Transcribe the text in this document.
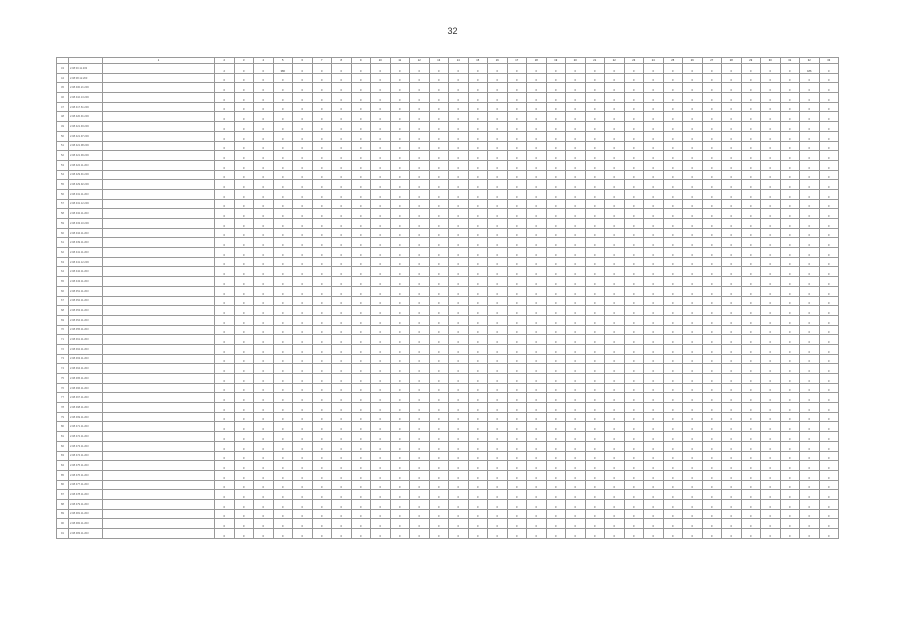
32
		1	2	3	4	5	6	7	8	9	10	11	12	13	14	15	16	17	18	19	20	21	22	23	24	25	26	27	28	29	30	31	32	33
43	2.08 00.11.203		2	0	0	386	0	0	0	0	0	0	0	0	0	0	0	0	0	0	0	0	0	0	0	0	0	0	0	0	0	0	186	0
44	2.08 08.12.203		0	0	0	0	0	0	0	0	0	0	0	0	0	0	0	0	0	0	0	0	0	0	0	0	0	0	0	0	0	0	0	0
45	2.08 400.21.203		0	0	0	0	0	0	0	0	0	0	0	0	0	0	0	0	0	0	0	0	0	0	0	0	0	0	0	0	0	0	0	0
46	2.08 410.13.203		0	0	0	0	0	0	0	0	0	0	0	0	0	0	0	0	0	0	0	0	0	0	0	0	0	0	0	0	0	0	0	0
47	2.08 417.61.203		0	0	0	0	0	0	0	0	0	0	0	0	0	0	0	0	0	0	0	0	0	0	0	0	0	0	0	0	0	0	0	0
48	2.08 420.91.203		0	0	0	0	0	0	0	0	0	0	0	0	0	0	0	0	0	0	0	0	0	0	0	0	0	0	0	0	0	0	0	0
49	2.08 421.93.203		0	0	0	0	0	0	0	0	0	0	0	0	0	0	0	0	0	0	0	0	0	0	0	0	0	0	0	0	0	0	0	0
50	2.08 421.97.203		0	0	0	0	0	0	0	0	0	0	0	0	0	0	0	0	0	0	0	0	0	0	0	0	0	0	0	0	0	0	0	0
51	2.08 421.98.203		0	0	0	0	0	0	0	0	0	0	0	0	0	0	0	0	0	0	0	0	0	0	0	0	0	0	0	0	0	0	0	0
52	2.08 421.99.203		0	0	0	0	0	0	0	0	0	0	0	0	0	0	0	0	0	0	0	0	0	0	0	0	0	0	0	0	0	0	0	0
53	2.08 422.11.203		0	0	0	0	0	0	0	0	0	0	0	0	0	0	0	0	0	0	0	0	0	0	0	0	0	0	0	0	0	0	0	0
54	2.08 429.91.203		0	0	0	0	0	0	0	0	0	0	0	0	0	0	0	0	0	0	0	0	0	0	0	0	0	0	0	0	0	0	0	0
55	2.08 429.92.203		0	0	0	0	0	0	0	0	0	0	0	0	0	0	0	0	0	0	0	0	0	0	0	0	0	0	0	0	0	0	0	0
56	2.08 431.11.203		0	0	0	0	0	0	0	0	0	0	0	0	0	0	0	0	0	0	0	0	0	0	0	0	0	0	0	0	0	0	0	0
57	2.08 431.12.203		0	0	0	0	0	0	0	0	0	0	0	0	0	0	0	0	0	0	0	0	0	0	0	0	0	0	0	0	0	0	0	0
58	2.08 432.11.203		0	0	0	0	0	0	0	0	0	0	0	0	0	0	0	0	0	0	0	0	0	0	0	0	0	0	0	0	0	0	0	0
59	2.08 433.10.203		0	0	0	0	0	0	0	0	0	0	0	0	0	0	0	0	0	0	0	0	0	0	0	0	0	0	0	0	0	0	0	0
60	2.08 434.11.203		0	0	0	0	0	0	0	0	0	0	0	0	0	0	0	0	0	0	0	0	0	0	0	0	0	0	0	0	0	0	0	0
61	2.08 439.11.203		0	0	0	0	0	0	0	0	0	0	0	0	0	0	0	0	0	0	0	0	0	0	0	0	0	0	0	0	0	0	0	0
62	2.08 441.11.203		0	0	0	0	0	0	0	0	0	0	0	0	0	0	0	0	0	0	0	0	0	0	0	0	0	0	0	0	0	0	0	0
63	2.08 441.12.203		0	0	0	0	0	0	0	0	0	0	0	0	0	0	0	0	0	0	0	0	0	0	0	0	0	0	0	0	0	0	0	0
64	2.08 442.11.203		0	0	0	0	0	0	0	0	0	0	0	0	0	0	0	0	0	0	0	0	0	0	0	0	0	0	0	0	0	0	0	0
65	2.08 443.11.203		0	0	0	0	0	0	0	0	0	0	0	0	0	0	0	0	0	0	0	0	0	0	0	0	0	0	0	0	0	0	0	0
66	2.08 451.11.203		0	0	0	0	0	0	0	0	0	0	0	0	0	0	0	0	0	0	0	0	0	0	0	0	0	0	0	0	0	0	0	0
67	2.08 452.11.203		0	0	0	0	0	0	0	0	0	0	0	0	0	0	0	0	0	0	0	0	0	0	0	0	0	0	0	0	0	0	0	0
68	2.08 453.11.203		0	0	0	0	0	0	0	0	0	0	0	0	0	0	0	0	0	0	0	0	0	0	0	0	0	0	0	0	0	0	0	0
69	2.08 454.11.203		0	0	0	0	0	0	0	0	0	0	0	0	0	0	0	0	0	0	0	0	0	0	0	0	0	0	0	0	0	0	0	0
70	2.08 455.11.203		0	0	0	0	0	0	0	0	0	0	0	0	0	0	0	0	0	0	0	0	0	0	0	0	0	0	0	0	0	0	0	0
71	2.08 461.11.203		0	0	0	0	0	0	0	0	0	0	0	0	0	0	0	0	0	0	0	0	0	0	0	0	0	0	0	0	0	0	0	0
72	2.08 462.11.203		0	0	0	0	0	0	0	0	0	0	0	0	0	0	0	0	0	0	0	0	0	0	0	0	0	0	0	0	0	0	0	0
73	2.08 463.11.203		0	0	0	0	0	0	0	0	0	0	0	0	0	0	0	0	0	0	0	0	0	0	0	0	0	0	0	0	0	0	0	0
74	2.08 464.11.203		0	0	0	0	0	0	0	0	0	0	0	0	0	0	0	0	0	0	0	0	0	0	0	0	0	0	0	0	0	0	0	0
75	2.08 465.11.203		0	0	0	0	0	0	0	0	0	0	0	0	0	0	0	0	0	0	0	0	0	0	0	0	0	0	0	0	0	0	0	0
76	2.08 466.11.203		0	0	0	0	0	0	0	0	0	0	0	0	0	0	0	0	0	0	0	0	0	0	0	0	0	0	0	0	0	0	0	0
77	2.08 467.11.203		0	0	0	0	0	0	0	0	0	0	0	0	0	0	0	0	0	0	0	0	0	0	0	0	0	0	0	0	0	0	0	0
78	2.08 468.11.203		0	0	0	0	0	0	0	0	0	0	0	0	0	0	0	0	0	0	0	0	0	0	0	0	0	0	0	0	0	0	0	0
79	2.08 469.11.203		0	0	0	0	0	0	0	0	0	0	0	0	0	0	0	0	0	0	0	0	0	0	0	0	0	0	0	0	0	0	0	0
80	2.08 471.11.203		0	0	0	0	0	0	0	0	0	0	0	0	0	0	0	0	0	0	0	0	0	0	0	0	0	0	0	0	0	0	0	0
81	2.08 472.11.203		0	0	0	0	0	0	0	0	0	0	0	0	0	0	0	0	0	0	0	0	0	0	0	0	0	0	0	0	0	0	0	0
82	2.08 473.11.203		0	0	0	0	0	0	0	0	0	0	0	0	0	0	0	0	0	0	0	0	0	0	0	0	0	0	0	0	0	0	0	0
83	2.08 474.11.203		0	0	0	0	0	0	0	0	0	0	0	0	0	0	0	0	0	0	0	0	0	0	0	0	0	0	0	0	0	0	0	0
84	2.08 475.11.203		0	0	0	0	0	0	0	0	0	0	0	0	0	0	0	0	0	0	0	0	0	0	0	0	0	0	0	0	0	0	0	0
85	2.08 476.11.203		0	0	0	0	0	0	0	0	0	0	0	0	0	0	0	0	0	0	0	0	0	0	0	0	0	0	0	0	0	0	0	0
86	2.08 477.11.203		0	0	0	0	0	0	0	0	0	0	0	0	0	0	0	0	0	0	0	0	0	0	0	0	0	0	0	0	0	0	0	0
87	2.08 478.11.203		0	0	0	0	0	0	0	0	0	0	0	0	0	0	0	0	0	0	0	0	0	0	0	0	0	0	0	0	0	0	0	0
88	2.08 479.11.203		0	0	0	0	0	0	0	0	0	0	0	0	0	0	0	0	0	0	0	0	0	0	0	0	0	0	0	0	0	0	0	0
89	2.08 481.11.203		0	0	0	0	0	0	0	0	0	0	0	0	0	0	0	0	0	0	0	0	0	0	0	0	0	0	0	0	0	0	0	0
90	2.08 482.11.203		0	0	0	0	0	0	0	0	0	0	0	0	0	0	0	0	0	0	0	0	0	0	0	0	0	0	0	0	0	0	0	0
91	2.08 483.11.203		0	0	0	0	0	0	0	0	0	0	0	0	0	0	0	0	0	0	0	0	0	0	0	0	0	0	0	0	0	0	0	0
